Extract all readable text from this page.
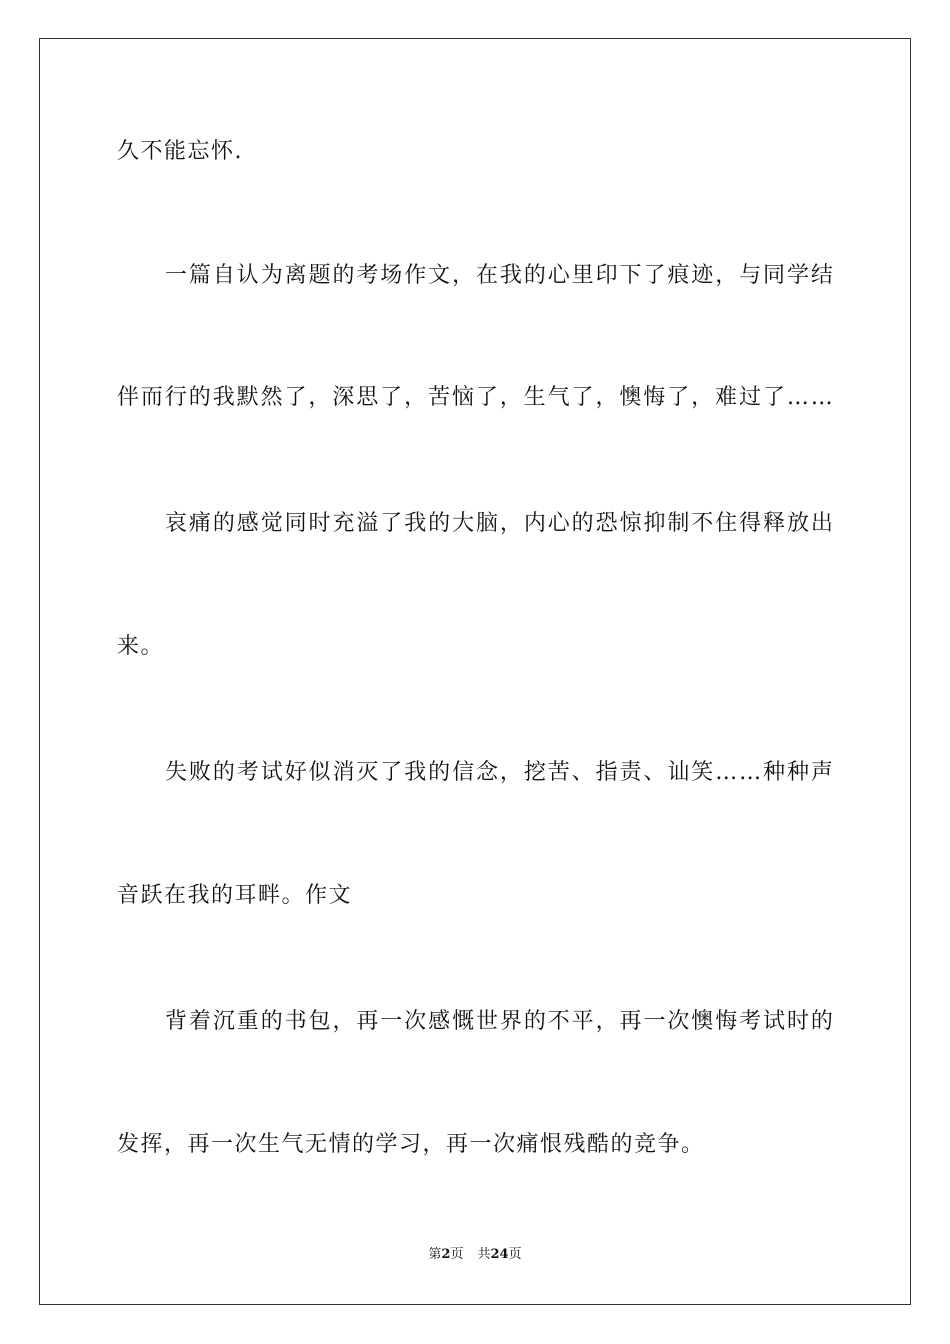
久不能忘怀.
一 篇 自 认 为 离 题 的 考 场 作 文 ， 在 我 的 心 里 印 下 了 痕 迹 ， 与 同 学 结
伴 而 行 的 我 默 然 了 ， 深 思 了 ， 苦 恼 了 ， 生 气 了 ， 懊 悔 了 ， 难 过 了 … …
哀 痛 的 感 觉 同 时 充 溢 了 我 的 大 脑 ， 内 心 的 恐 惊 抑 制 不 住 得 释 放 出
来。
失 败 的 考 试 好 似 消 灭 了 我 的 信 念 ， 挖 苦 、 指 责 、 讪 笑 … … 种 种 声
音跃在我的耳畔。作文
背 着 沉 重 的 书 包 ， 再 一 次 感 慨 世 界 的 不 平 ， 再 一 次 懊 悔 考 试 时 的
发挥，再一次生气无情的学习，再一次痛恨残酷的竞争。
第2页 共24页
